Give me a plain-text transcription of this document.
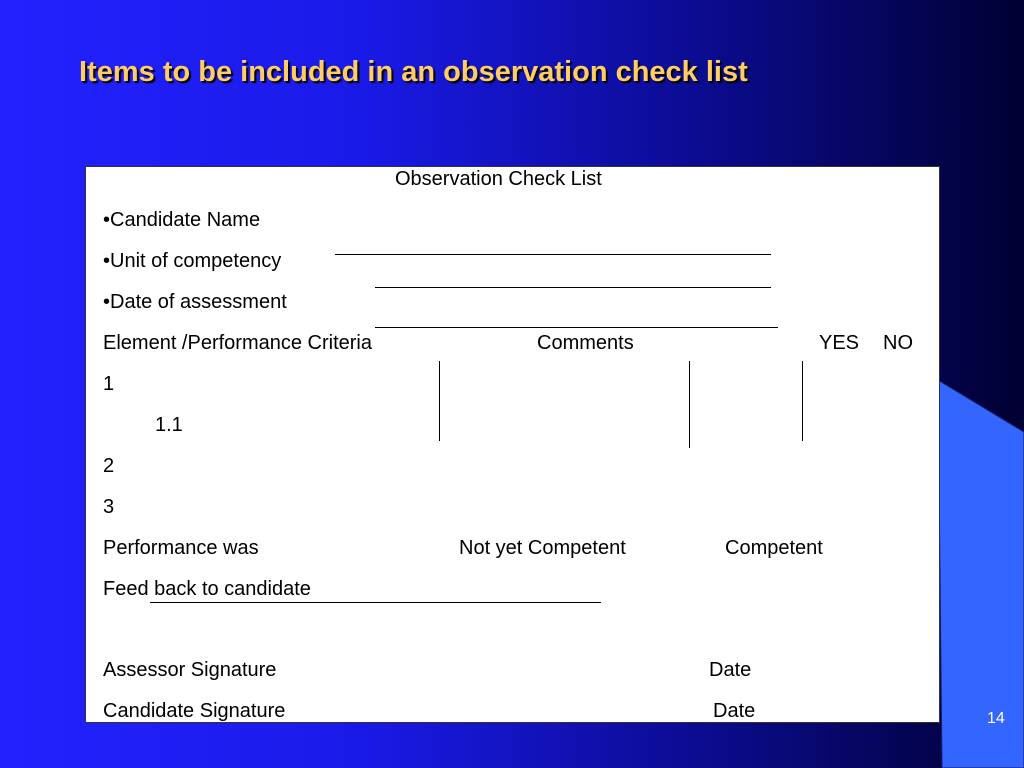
Items to be included in an observation check list
Observation Check List
•Candidate Name
•Unit of competency
•Date of assessment
Element /Performance Criteria	Comments	YES NO
1
1.1
2
3
Performance was	Not yet Competent	Competent
Feed back to candidate
Assessor Signature	Date
Candidate Signature	Date	14
